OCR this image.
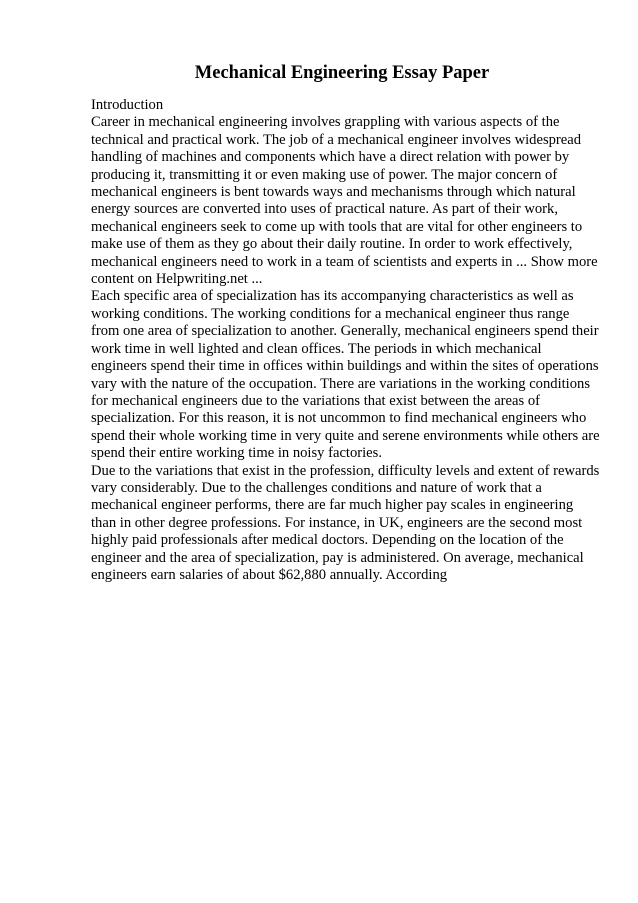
Mechanical Engineering Essay Paper

Introduction

Career in mechanical engineering involves grappling with various aspects of the technical and practical work. The job of a mechanical engineer involves widespread handling of machines and components which have a direct relation with power by producing it, transmitting it or even making use of power. The major concern of mechanical engineers is bent towards ways and mechanisms through which natural energy sources are converted into uses of practical nature. As part of their work, mechanical engineers seek to come up with tools that are vital for other engineers to make use of them as they go about their daily routine. In order to work effectively, mechanical engineers need to work in a team of scientists and experts in ... Show more content on Helpwriting.net ...

Each specific area of specialization has its accompanying characteristics as well as working conditions. The working conditions for a mechanical engineer thus range from one area of specialization to another. Generally, mechanical engineers spend their work time in well lighted and clean offices. The periods in which mechanical engineers spend their time in offices within buildings and within the sites of operations vary with the nature of the occupation. There are variations in the working conditions for mechanical engineers due to the variations that exist between the areas of specialization. For this reason, it is not uncommon to find mechanical engineers who spend their whole working time in very quite and serene environments while others are spend their entire working time in noisy factories.

Due to the variations that exist in the profession, difficulty levels and extent of rewards vary considerably. Due to the challenges conditions and nature of work that a mechanical engineer performs, there are far much higher pay scales in engineering than in other degree professions. For instance, in UK, engineers are the second most highly paid professionals after medical doctors. Depending on the location of the engineer and the area of specialization, pay is administered. On average, mechanical engineers earn salaries of about $62,880 annually. According
